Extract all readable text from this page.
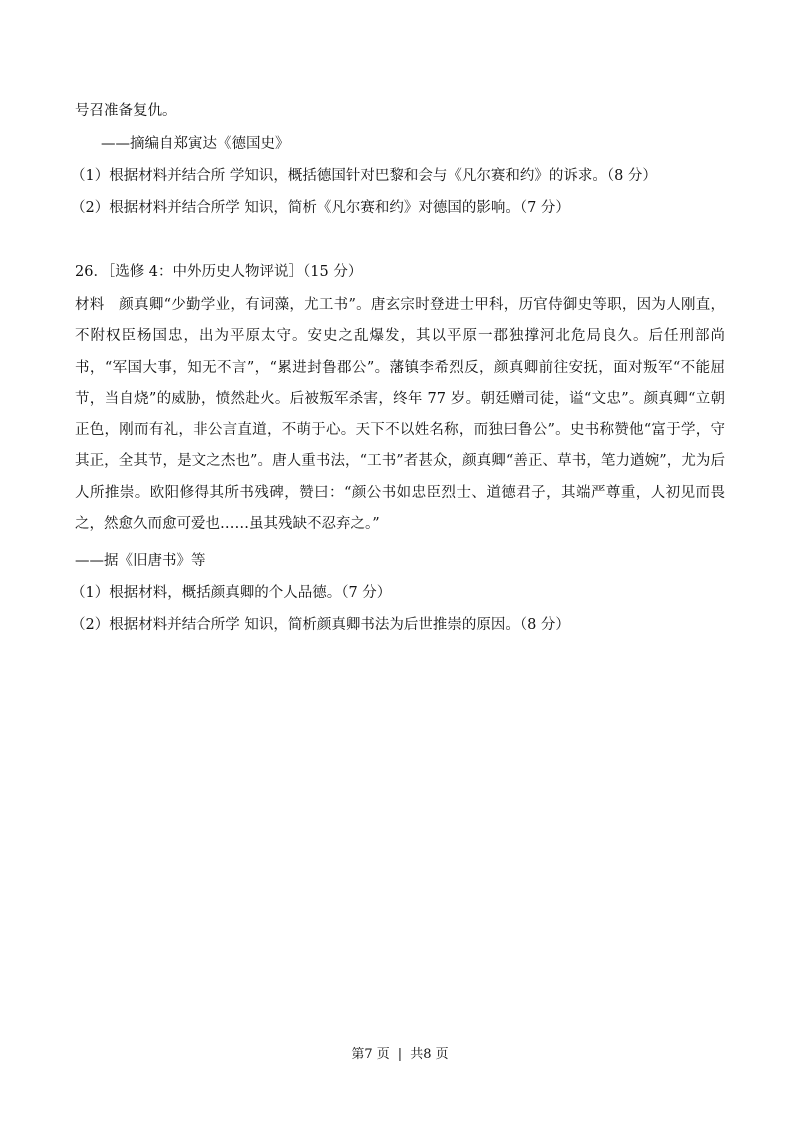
号召准备复仇。
——摘编自郑寅达《德国史》
（1）根据材料并结合所 学知识，概括德国针对巴黎和会与《凡尔赛和约》的诉求。（8 分）
（2）根据材料并结合所学 知识，简析《凡尔赛和约》对德国的影响。（7 分）
26．［选修 4：中外历史人物评说］（15 分）
材料　颜真卿“少勤学业，有词藻，尤工书”。唐玄宗时登进士甲科，历官侍御史等职，因为人刚直，不附权臣杨国忠，出为平原太守。安史之乱爆发，其以平原一郡独撑河北危局良久。后任刑部尚书，“军国大事，知无不言”，“累进封鲁郡公”。藩镇李希烈反，颜真卿前往安抚，面对叛军“不能屈节，当自烧”的威胁，愤然赴火。后被叛军杀害，终年 77 岁。朝廷赠司徒，谥“文忠”。颜真卿“立朝正色，刚而有礼，非公言直道，不萌于心。天下不以姓名称，而独曰鲁公”。史书称赞他“富于学，守其正，全其节，是文之杰也”。唐人重书法，“工书”者甚众，颜真卿“善正、草书，笔力遒婉”，尤为后人所推崇。欧阳修得其所书残碑，赞曰：“颜公书如忠臣烈士、道德君子，其端严尊重，人初见而畏之，然愈久而愈可爱也……虽其残缺不忍弃之。”
——据《旧唐书》等
（1）根据材料，概括颜真卿的个人品德。（7 分）
（2）根据材料并结合所学 知识，简析颜真卿书法为后世推崇的原因。（8 分）
第7 页 | 共8 页
